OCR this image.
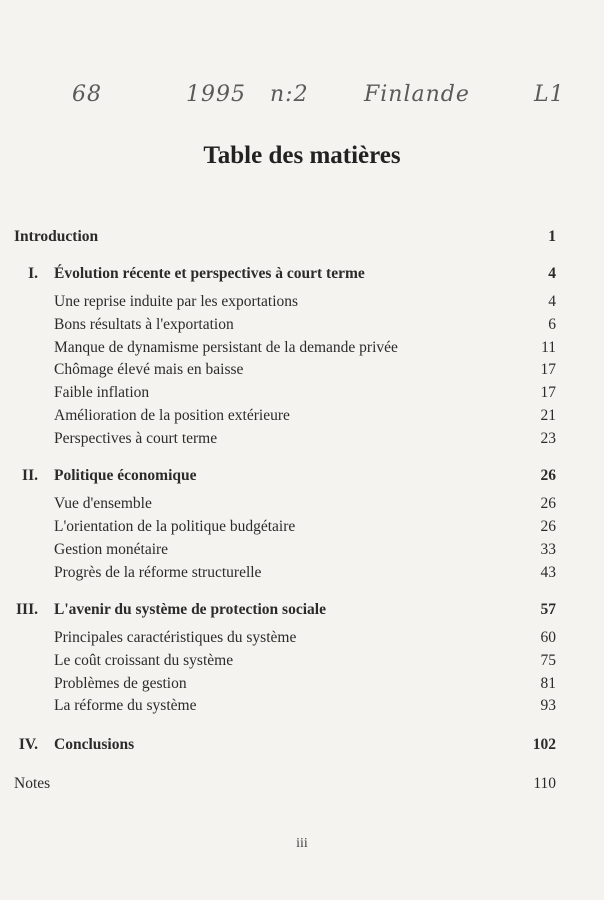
68	1995 n:2	Finlande	L1
Table des matières
Introduction	1
I. Évolution récente et perspectives à court terme	4
Une reprise induite par les exportations	4
Bons résultats à l'exportation	6
Manque de dynamisme persistant de la demande privée	11
Chômage élevé mais en baisse	17
Faible inflation	17
Amélioration de la position extérieure	21
Perspectives à court terme	23
II. Politique économique	26
Vue d'ensemble	26
L'orientation de la politique budgétaire	26
Gestion monétaire	33
Progrès de la réforme structurelle	43
III. L'avenir du système de protection sociale	57
Principales caractéristiques du système	60
Le coût croissant du système	75
Problèmes de gestion	81
La réforme du système	93
IV. Conclusions	102
Notes	110
iii
